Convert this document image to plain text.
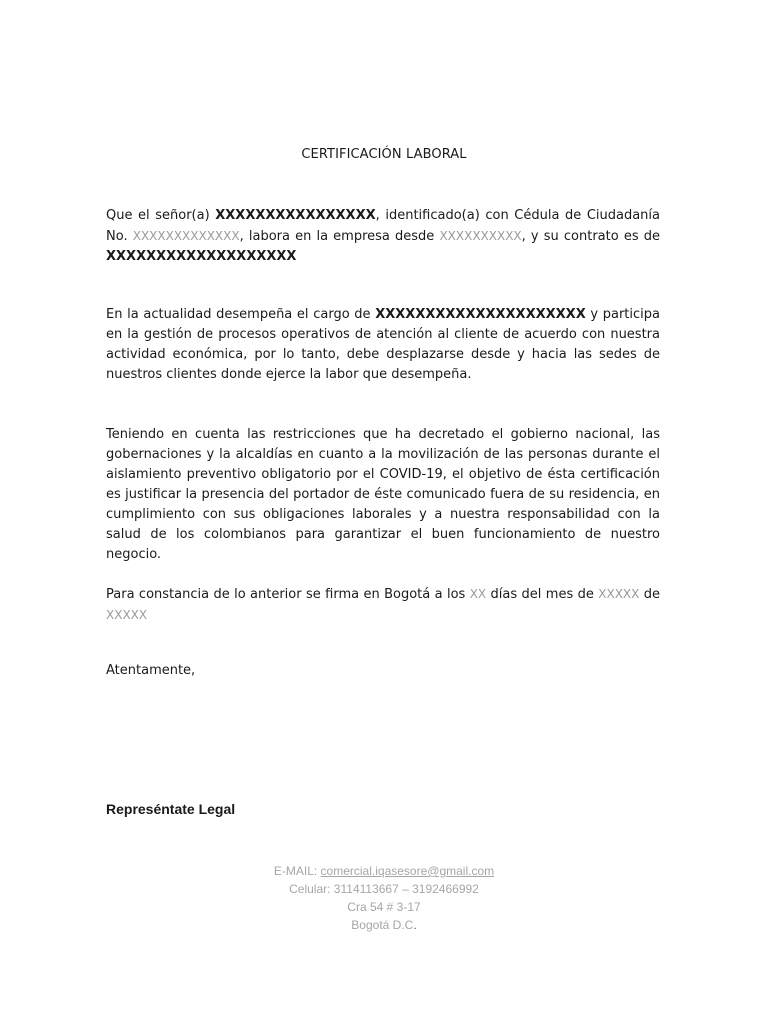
CERTIFICACIÓN LABORAL
Que el señor(a) XXXXXXXXXXXXXXXX, identificado(a) con Cédula de Ciudadanía No. XXXXXXXXXXXXX, labora en la empresa desde XXXXXXXXXX, y su contrato es de XXXXXXXXXXXXXXXXXXX
En la actualidad desempeña el cargo de XXXXXXXXXXXXXXXXXXXXX y participa en la gestión de procesos operativos de atención al cliente de acuerdo con nuestra actividad económica, por lo tanto, debe desplazarse desde y hacia las sedes de nuestros clientes donde ejerce la labor que desempeña.
Teniendo en cuenta las restricciones que ha decretado el gobierno nacional, las gobernaciones y la alcaldías en cuanto a la movilización de las personas durante el aislamiento preventivo obligatorio por el COVID-19, el objetivo de ésta certificación es justificar la presencia del portador de éste comunicado fuera de su residencia, en cumplimiento con sus obligaciones laborales y a nuestra responsabilidad con la salud de los colombianos para garantizar el buen funcionamiento de nuestro negocio.
Para constancia de lo anterior se firma en Bogotá a los XX días del mes de XXXXX de XXXXX
Atentamente,
Represéntate Legal
E-MAIL: comercial.iqasesore@gmail.com
Celular: 3114113667 – 3192466992
Cra 54 # 3-17
Bogotá D.C.
